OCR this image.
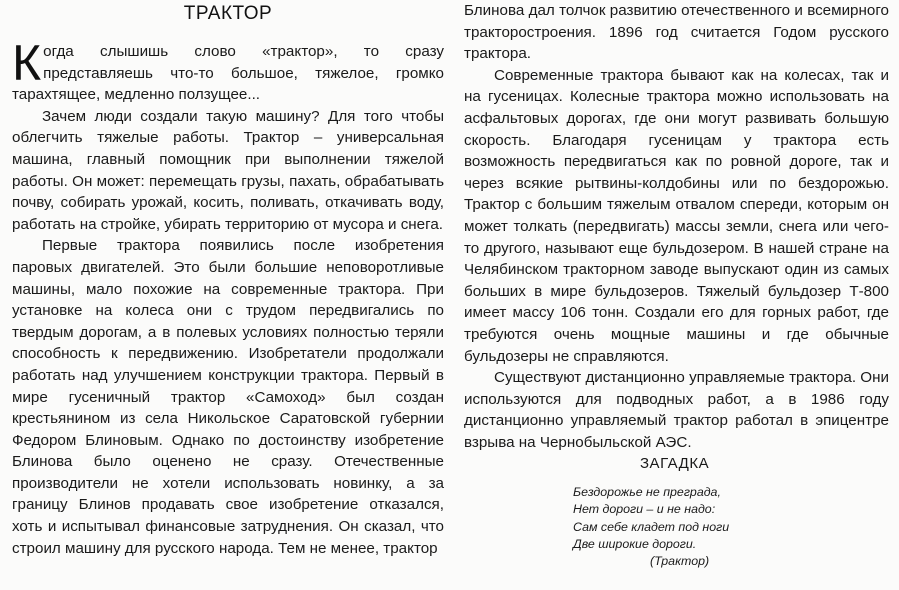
ТРАКТОР

Когда слышишь слово «трактор», то сразу представляешь что-то большое, тяжелое, громко тарахтящее, медленно ползущее...

Зачем люди создали такую машину? Для того чтобы облегчить тяжелые работы. Трактор – универсальная машина, главный помощник при выполнении тяжелой работы. Он может: перемещать грузы, пахать, обрабатывать почву, собирать урожай, косить, поливать, откачивать воду, работать на стройке, убирать территорию от мусора и снега.

Первые трактора появились после изобретения паровых двигателей. Это были большие неповоротливые машины, мало похожие на современные трактора. При установке на колеса они с трудом передвигались по твердым дорогам, а в полевых условиях полностью теряли способность к передвижению. Изобретатели продолжали работать над улучшением конструкции трактора. Первый в мире гусеничный трактор «Самоход» был создан крестьянином из села Никольское Саратовской губернии Федором Блиновым. Однако по достоинству изобретение Блинова было оценено не сразу. Отечественные производители не хотели использовать новинку, а за границу Блинов продавать свое изобретение отказался, хоть и испытывал финансовые затруднения. Он сказал, что строил машину для русского народа. Тем не менее, трактор

Блинова дал толчок развитию отечественного и всемирного тракторостроения. 1896 год считается Годом русского трактора.

Современные трактора бывают как на колесах, так и на гусеницах. Колесные трактора можно использовать на асфальтовых дорогах, где они могут развивать большую скорость. Благодаря гусеницам у трактора есть возможность передвигаться как по ровной дороге, так и через всякие рытвины-колдобины или по бездорожью. Трактор с большим тяжелым отвалом спереди, которым он может толкать (передвигать) массы земли, снега или чего-то другого, называют еще бульдозером. В нашей стране на Челябинском тракторном заводе выпускают один из самых больших в мире бульдозеров. Тяжелый бульдозер Т-800 имеет массу 106 тонн. Создали его для горных работ, где требуются очень мощные машины и где обычные бульдозеры не справляются.

Существуют дистанционно управляемые трактора. Они используются для подводных работ, а в 1986 году дистанционно управляемый трактор работал в эпицентре взрыва на Чернобыльской АЭС.

ЗАГАДКА
Бездорожье не преграда,
Нет дороги – и не надо:
Сам себе кладет под ноги
Две широкие дороги.
(Трактор)
